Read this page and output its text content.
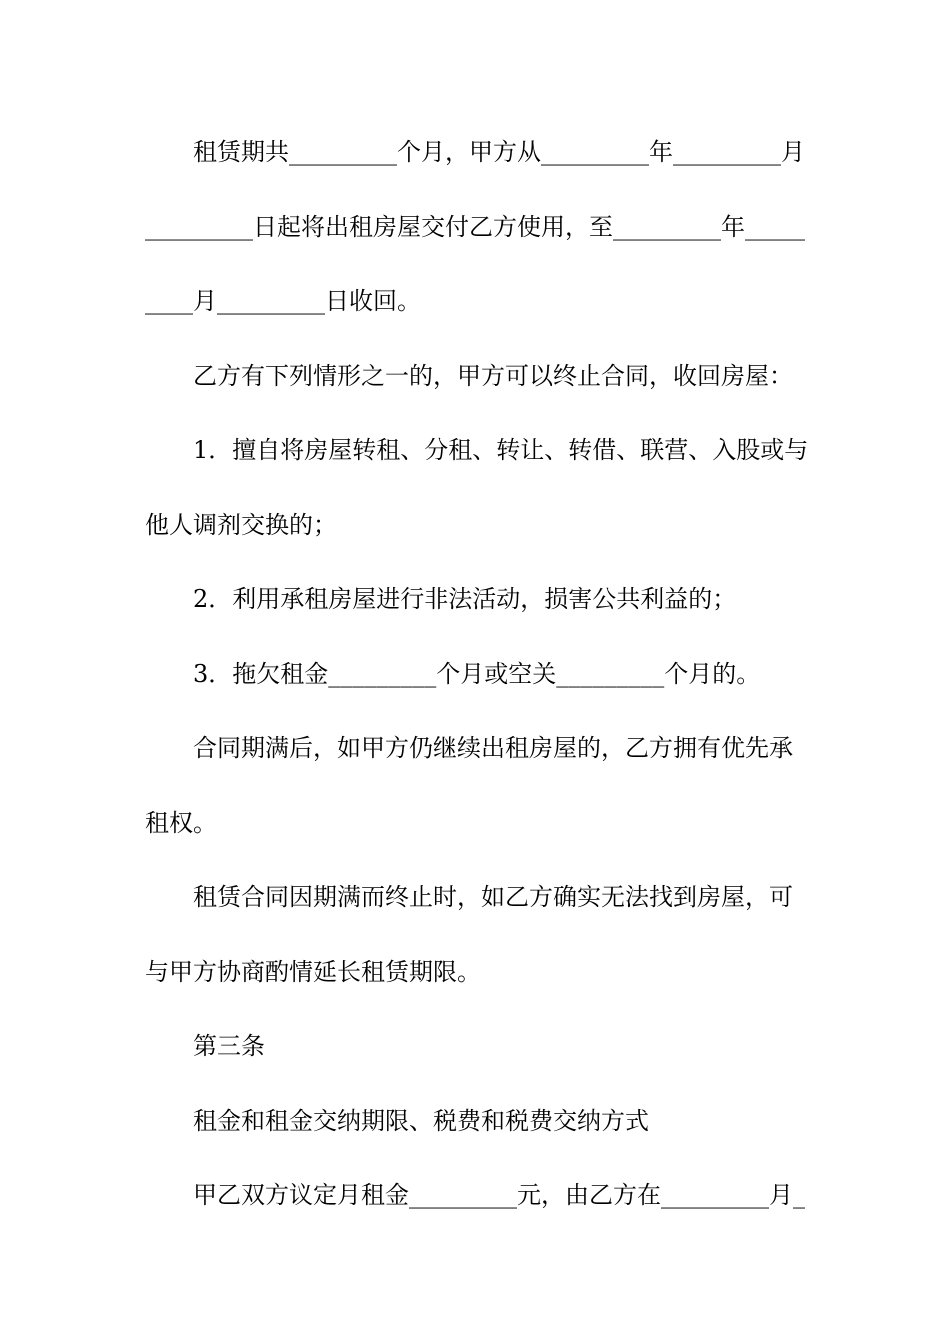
租赁期共_________个月，甲方从_________年_________月
_________日起将出租房屋交付乙方使用，至_________年_____
____月_________日收回。
乙方有下列情形之一的，甲方可以终止合同，收回房屋：
1．擅自将房屋转租、分租、转让、转借、联营、入股或与
他人调剂交换的；
2．利用承租房屋进行非法活动，损害公共利益的；
3．拖欠租金_________个月或空关_________个月的。
合同期满后，如甲方仍继续出租房屋的，乙方拥有优先承
租权。
租赁合同因期满而终止时，如乙方确实无法找到房屋，可
与甲方协商酌情延长租赁期限。
第三条
租金和租金交纳期限、税费和税费交纳方式
甲乙双方议定月租金_________元，由乙方在_________月_
